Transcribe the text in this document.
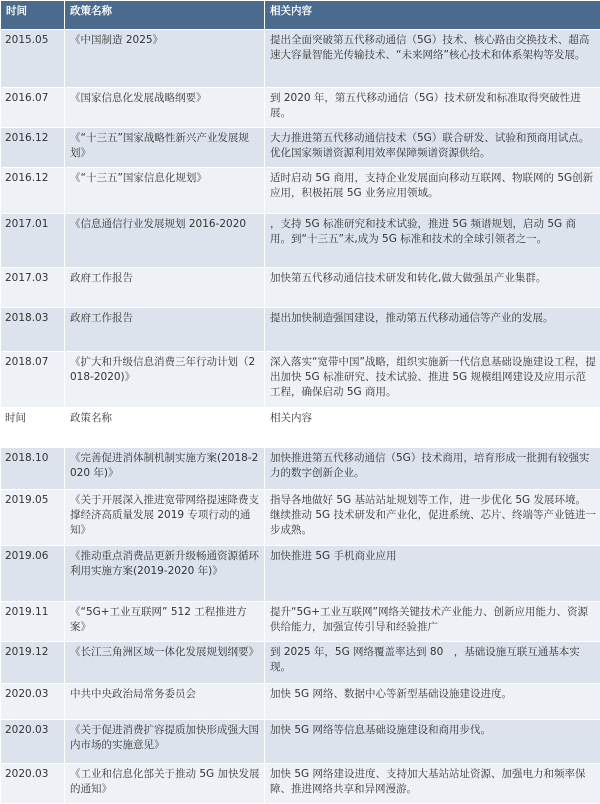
时间	政策名称	相关内容
2015.05	《中国制造 2025》	提出全面突破第五代移动通信（5G）技术、核心路由交换技术、超高速大容量智能光传输技术、“未来网络”核心技术和体系架构等发展。
2016.07	《国家信息化发展战略纲要》	到 2020 年，第五代移动通信（5G）技术研发和标准取得突破性进展。
2016.12	《“十三五”国家战略性新兴产业发展规划》	大力推进第五代移动通信技术（5G）联合研发、试验和预商用试点。优化国家频谱资源利用效率保障频谱资源供给。
2016.12	《“十三五”国家信息化规划》	适时启动 5G 商用，支持企业发展面向移动互联网、物联网的 5G创新应用，积极拓展 5G 业务应用领域。
2017.01	《信息通信行业发展规划 2016-2020	，支持 5G 标准研究和技术试验，推进 5G 频谱规划，启动 5G 商用。到“十三五”末,成为 5G 标准和技术的全球引领者之一。
2017.03	政府工作报告	加快第五代移动通信技术研发和转化,做大做强虽产业集群。
2018.03	政府工作报告	提出加快制造强国建设，推动第五代移动通信等产业的发展。
2018.07	《扩大和升级信息消费三年行动计划（2018-2020)》	深入落实“宽带中国”战略，组织实施新一代信息基础设施建设工程，提出加快 5G 标准研究、技术试验、推进 5G 规模组网建设及应用示范工程，确保启动 5G 商用。
时间	政策名称	相关内容
2018.10	《完善促进消体制机制实施方案(2018-2020 年)》	加快推进第五代移动通信（5G）技术商用，培育形成一批拥有较强实力的数字创新企业。
2019.05	《关于开展深入推进宽带网络提速降费支撑经济高质量发展 2019 专项行动的通知》	指导各地做好 5G 基站站址规划等工作，进一步优化 5G 发展环境。继续推动 5G 技术研发和产业化，促进系统、芯片、终端等产业链进一步成熟。
2019.06	《推动重点消费品更新升级畅通资源循环利用实施方案(2019-2020 年)》	加快推进 5G 手机商业应用
2019.11	《“5G+工业互联网” 512 工程推进方案》	提升“5G+工业互联网”网络关键技术产业能力、创新应用能力、资源供给能力，加强宣传引导和经验推广
2019.12	《长江三角洲区域一体化发展规划纲要》	到 2025 年，5G 网络覆盖率达到 80　，基础设施互联互通基本实现。
2020.03	中共中央政治局常务委员会	加快 5G 网络、数据中心等新型基础设施建设进度。
2020.03	《关于促进消费扩容提质加快形成强大国内市场的实施意见》	加快 5G 网络等信息基础设施建设和商用步伐。
2020.03	《工业和信息化部关于推动 5G 加快发展的通知》	加快 5G 网络建设进度、支持加大基站站址资源、加强电力和频率保障、推进网络共享和异网漫游。
